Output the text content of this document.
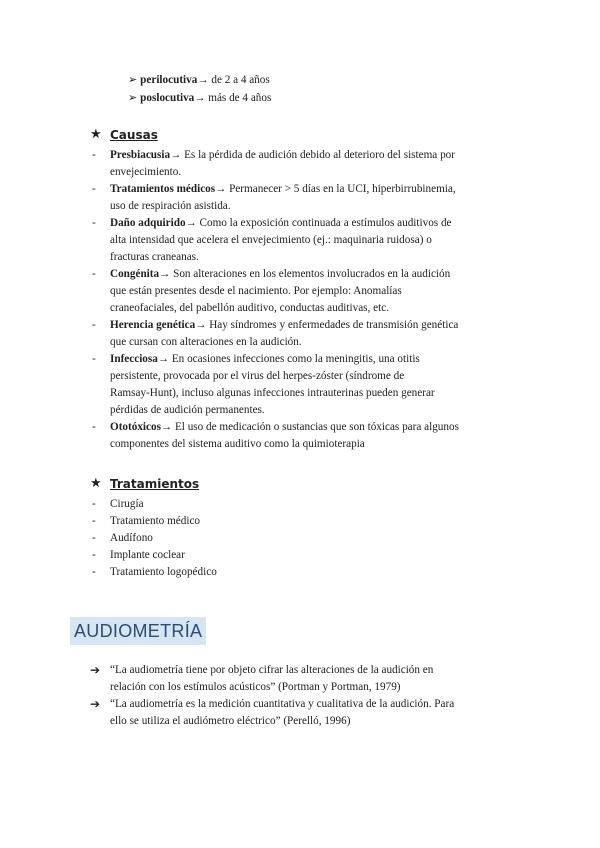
➢ perilocutiva→ de 2 a 4 años
➢ poslocutiva→ más de 4 años
★ Causas
- Presbiacusia→ Es la pérdida de audición debido al deterioro del sistema por
envejecimiento.
- Tratamientos médicos→ Permanecer > 5 días en la UCI, hiperbirrubinemia,
uso de respiración asistida.
- Daño adquirido→ Como la exposición continuada a estímulos auditivos de
alta intensidad que acelera el envejecimiento (ej.: maquinaria ruidosa) o
fracturas craneanas.
- Congénita→ Son alteraciones en los elementos involucrados en la audición
que están presentes desde el nacimiento. Por ejemplo: Anomalías
craneofaciales, del pabellón auditivo, conductas auditivas, etc.
- Herencia genética→ Hay síndromes y enfermedades de transmisión genética
que cursan con alteraciones en la audición.
- Infecciosa→ En ocasiones infecciones como la meningitis, una otitis
persistente, provocada por el virus del herpes-zóster (síndrome de
Ramsay-Hunt), incluso algunas infecciones intrauterinas pueden generar
pérdidas de audición permanentes.
- Ototóxicos→ El uso de medicación o sustancias que son tóxicas para algunos
componentes del sistema auditivo como la quimioterapia
★ Tratamientos
- Cirugía
- Tratamiento médico
- Audífono
- Implante coclear
- Tratamiento logopédico
AUDIOMETRÍA
➔ “La audiometría tiene por objeto cifrar las alteraciones de la audición en
relación con los estímulos acústicos” (Portman y Portman, 1979)
➔ “La audiometría es la medición cuantitativa y cualitativa de la audición. Para
ello se utiliza el audiómetro eléctrico” (Perelló, 1996)
